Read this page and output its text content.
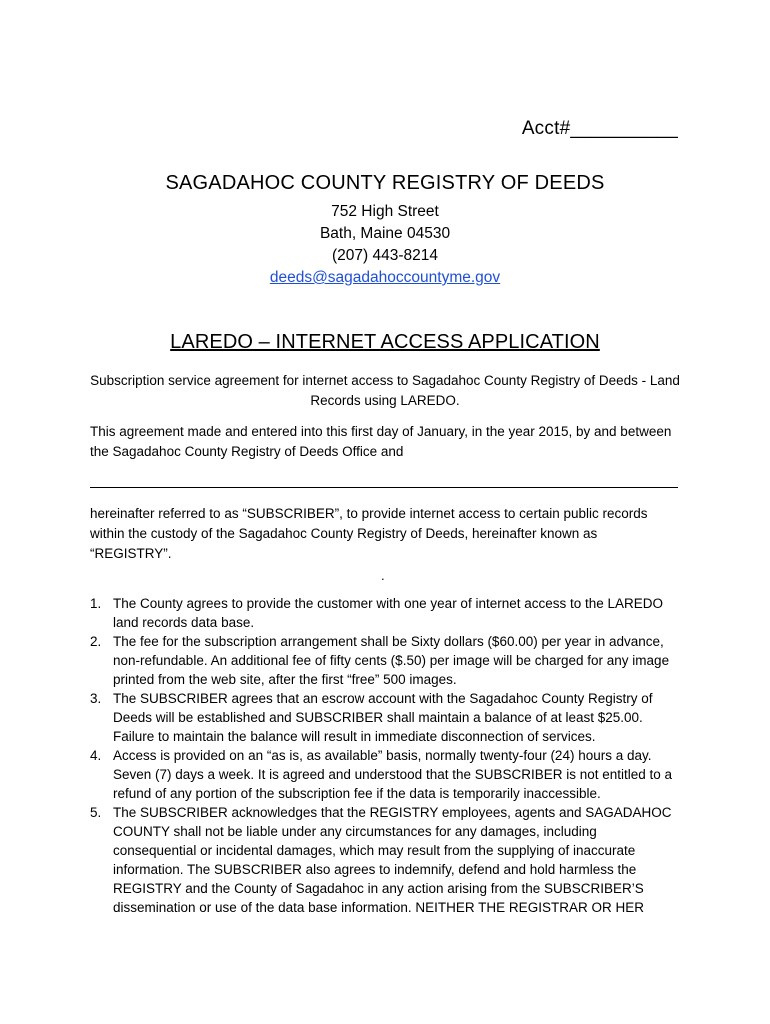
Acct#__________
SAGADAHOC COUNTY REGISTRY OF DEEDS
752 High Street
Bath, Maine 04530
(207) 443-8214
deeds@sagadahoccountyme.gov
LAREDO – INTERNET ACCESS APPLICATION
Subscription service agreement for internet access to Sagadahoc County Registry of Deeds - Land Records using LAREDO.
This agreement made and entered into this first day of January, in the year 2015, by and between the Sagadahoc County Registry of Deeds Office and
hereinafter referred to as “SUBSCRIBER”, to provide internet access to certain public records within the custody of the Sagadahoc County Registry of Deeds, hereinafter known as “REGISTRY”.
.
1. The County agrees to provide the customer with one year of internet access to the LAREDO land records data base.
2. The fee for the subscription arrangement shall be Sixty dollars ($60.00) per year in advance, non-refundable. An additional fee of fifty cents ($.50) per image will be charged for any image printed from the web site, after the first “free” 500 images.
3. The SUBSCRIBER agrees that an escrow account with the Sagadahoc County Registry of Deeds will be established and SUBSCRIBER shall maintain a balance of at least $25.00. Failure to maintain the balance will result in immediate disconnection of services.
4. Access is provided on an “as is, as available” basis, normally twenty-four (24) hours a day. Seven (7) days a week. It is agreed and understood that the SUBSCRIBER is not entitled to a refund of any portion of the subscription fee if the data is temporarily inaccessible.
5. The SUBSCRIBER acknowledges that the REGISTRY employees, agents and SAGADAHOC COUNTY shall not be liable under any circumstances for any damages, including consequential or incidental damages, which may result from the supplying of inaccurate information. The SUBSCRIBER also agrees to indemnify, defend and hold harmless the REGISTRY and the County of Sagadahoc in any action arising from the SUBSCRIBER’S dissemination or use of the data base information. NEITHER THE REGISTRAR OR HER
